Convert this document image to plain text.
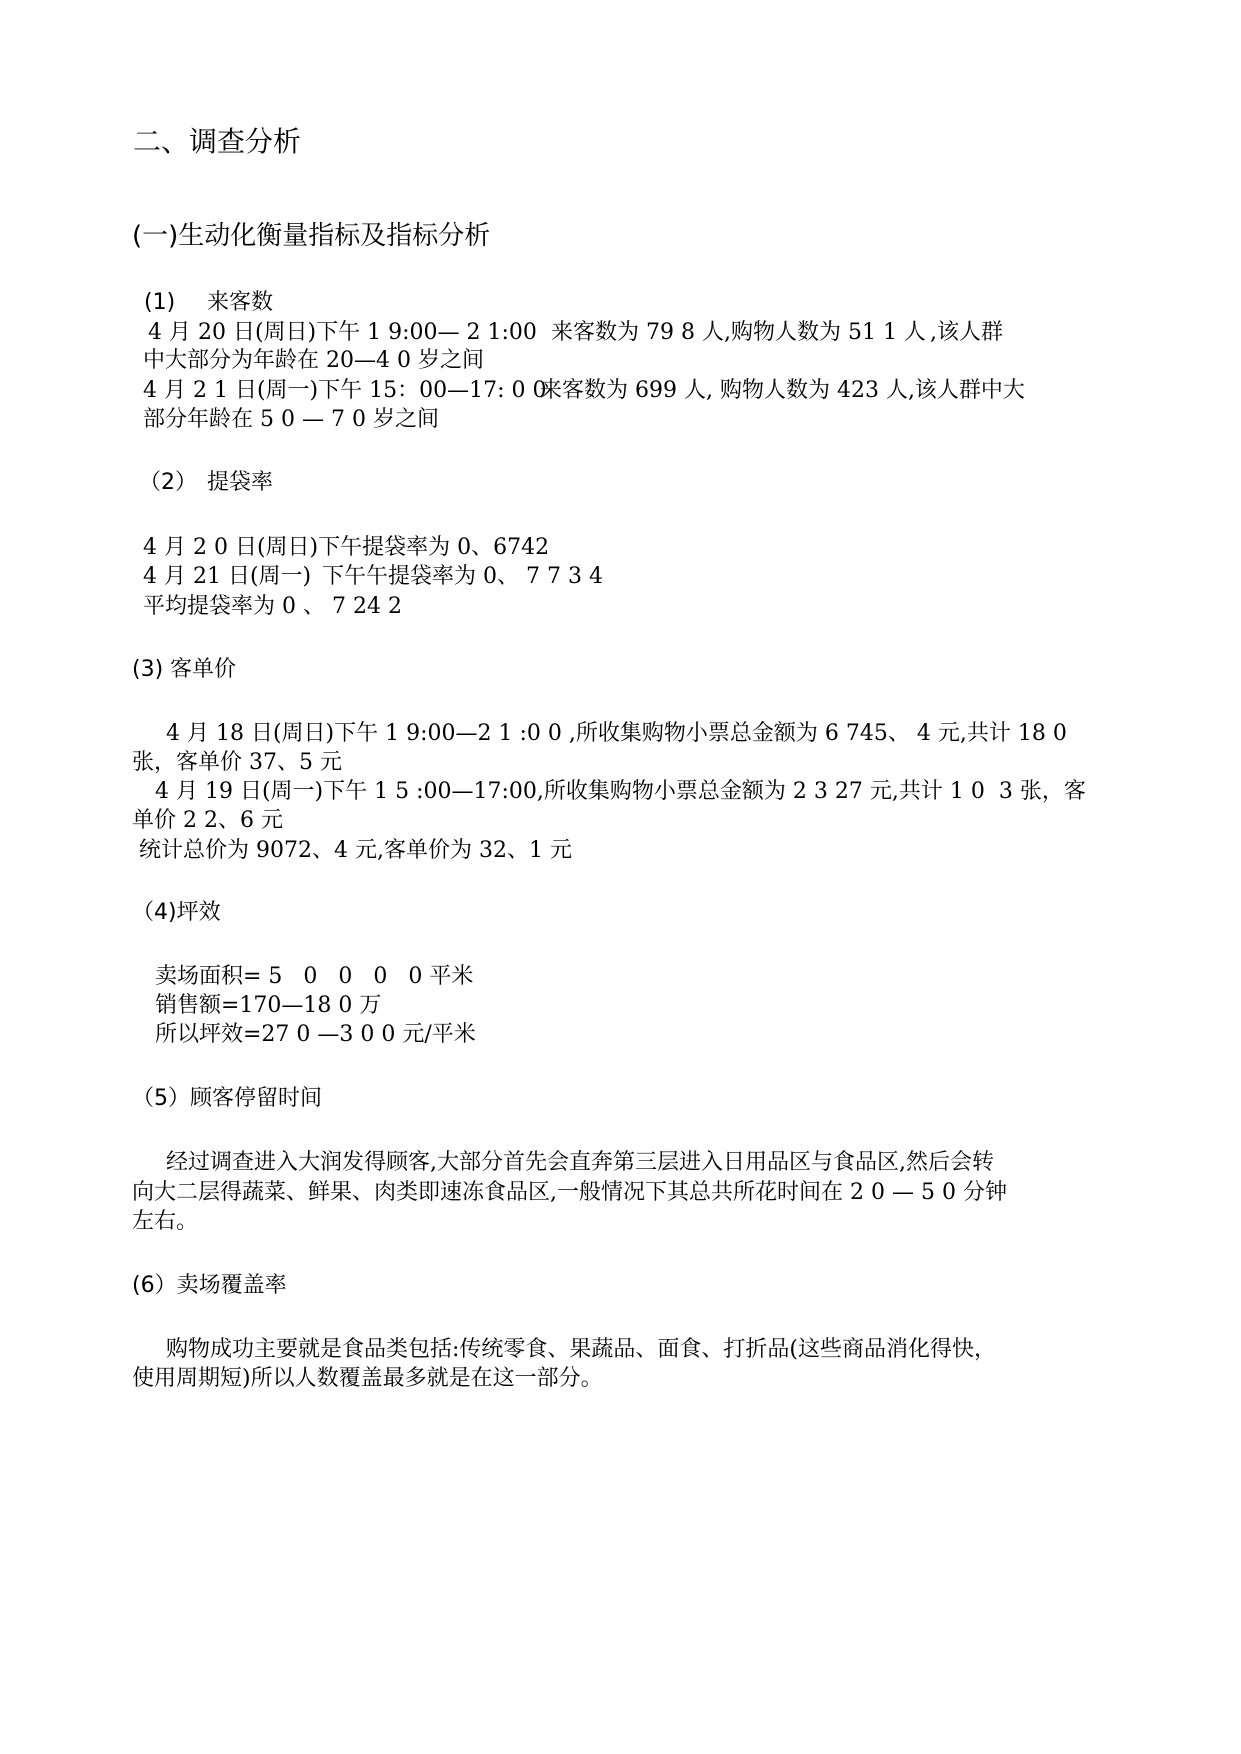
二、调查分析
(一)生动化衡量指标及指标分析
(1) 来客数
4 月 20 日(周日)下午 1 9:00— 2 1:00 来客数为 79 8 人,购物人数为 51 1 人 ,该人群
中大部分为年龄在 20—4 0 岁之间
4 月 2 1 日(周一)下午 15：00—17: 0 0
来客数为 699 人, 购物人数为 423 人,该人群中大
部分年龄在 5 0 — 7 0 岁之间
（2） 提袋率
4 月 2 0 日(周日)下午提袋率为 0、6742
4 月 21 日(周一) 下午午提袋率为 0、 7 7 3 4
平均提袋率为 0 、 7 24 2
(3) 客单价
4 月 18 日(周日)下午 1 9:00—2 1 :0 0 ,所收集购物小票总金额为 6 745、 4 元,共计 18 0
张，客单价 37、5 元
4 月 19 日(周一)下午 1 5 :00—17:00,所收集购物小票总金额为 2 3 27 元,共计 1 0  3 张，客
单价 2 2、6 元
统计总价为 9072、4 元,客单价为 32、1 元
（4)坪效
卖场面积= 5   0   0   0   0 平米
销售额=170—18 0 万
所以坪效=27 0 —3 0 0 元/平米
（5）顾客停留时间
经过调查进入大润发得顾客,大部分首先会直奔第三层进入日用品区与食品区,然后会转
向大二层得蔬菜、鲜果、肉类即速冻食品区,一般情况下其总共所花时间在 2 0 — 5 0 分钟
左右。
(6）卖场覆盖率
购物成功主要就是食品类包括:传统零食、果蔬品、面食、打折品(这些商品消化得快，
使用周期短)所以人数覆盖最多就是在这一部分。
